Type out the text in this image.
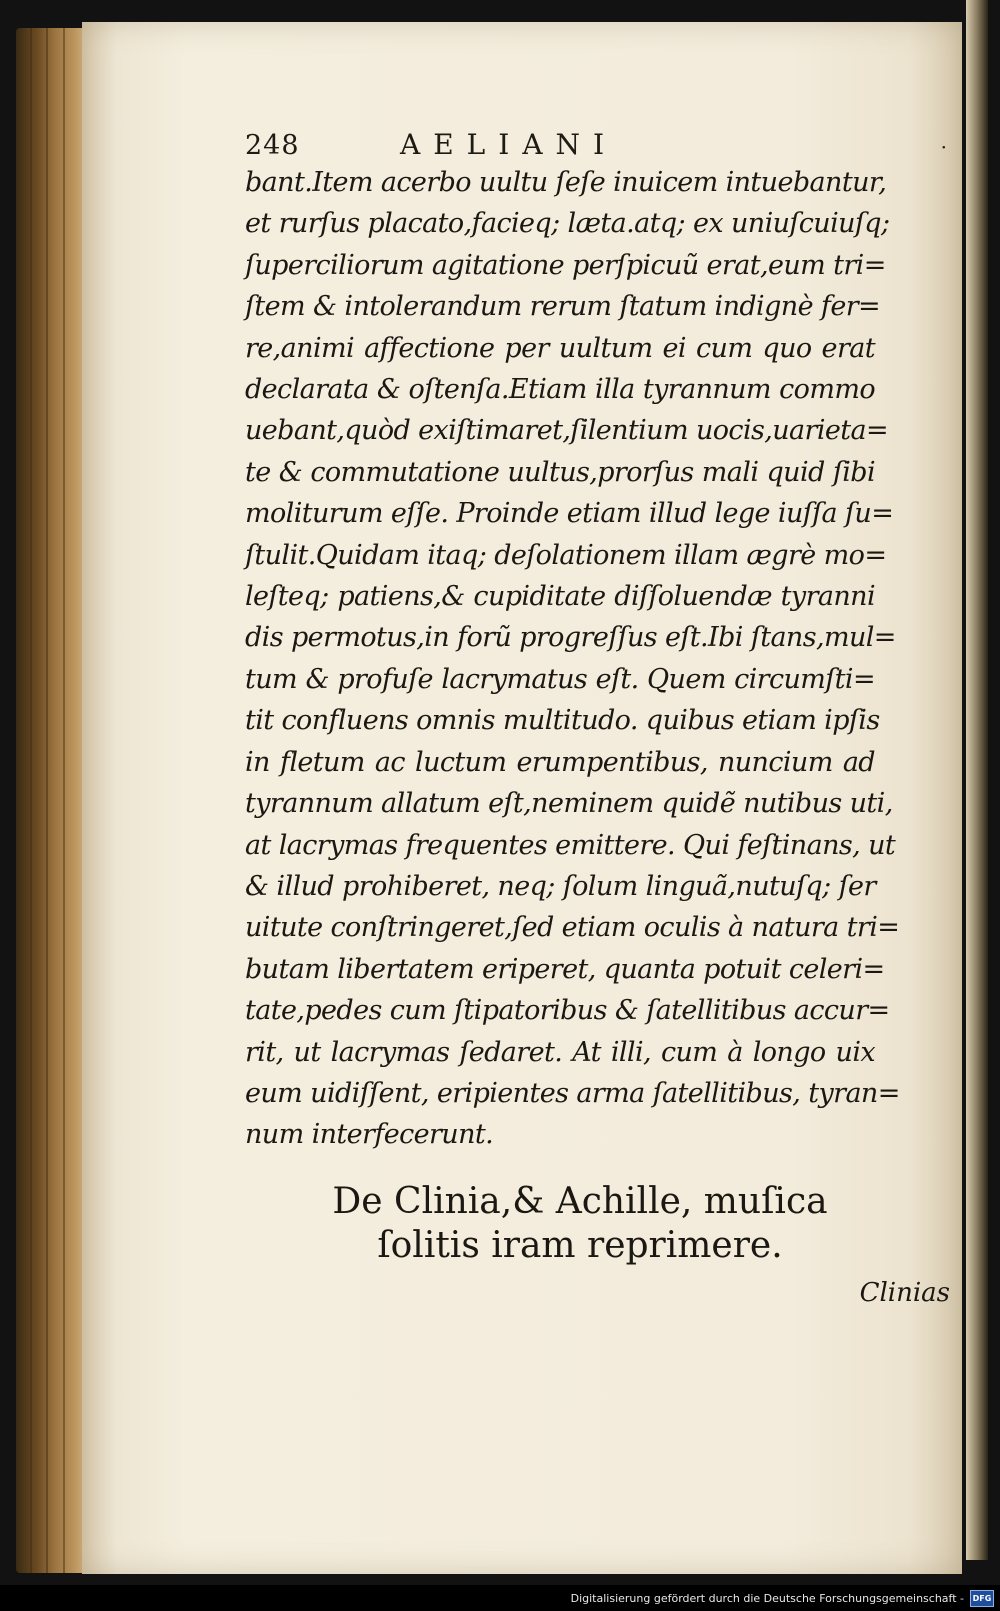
248	AELIANI	·
bant.Item acerbo uultu ſeſe inuicem intuebantur,
et rurſus placato,facieq; læta.atq; ex uniuſcuiuſq;
ſuperciliorum agitatione perſpicuũ erat,eum tri=
ſtem & intolerandum rerum ſtatum indignè fer=
re,animi affectione per uultum ei cum quo erat
declarata & oſtenſa.Etiam illa tyrannum commo
uebant,quòd exiſtimaret,ſilentium uocis,uarieta=
te & commutatione uultus,prorſus mali quid ſibi
moliturum eſſe. Proinde etiam illud lege iuſſa ſu=
ſtulit.Quidam itaq; deſolationem illam ægrè mo=
leſteq; patiens,& cupiditate diſſoluendæ tyranni
dis permotus,in forũ progreſſus eſt.Ibi ſtans,mul=
tum & profuſe lacrymatus eſt. Quem circumſti=
tit confluens omnis multitudo. quibus etiam ipſis
in fletum ac luctum erumpentibus, nuncium ad
tyrannum allatum eſt,neminem quidẽ nutibus uti,
at lacrymas frequentes emittere. Qui feſtinans, ut
& illud prohiberet, neq; ſolum linguã,nutuſq; ſer
uitute conſtringeret,ſed etiam oculis à natura tri=
butam libertatem eriperet, quanta potuit celeri=
tate,pedes cum ſtipatoribus & ſatellitibus accur=
rit, ut lacrymas ſedaret. At illi, cum à longo uix
eum uidiſſent, eripientes arma ſatellitibus, tyran=
num interfecerunt.
De Clinia,& Achille, muſica
ſolitis iram reprimere.
Clinias
Digitalisierung gefördert durch die Deutsche Forschungsgemeinschaft -	DFG
